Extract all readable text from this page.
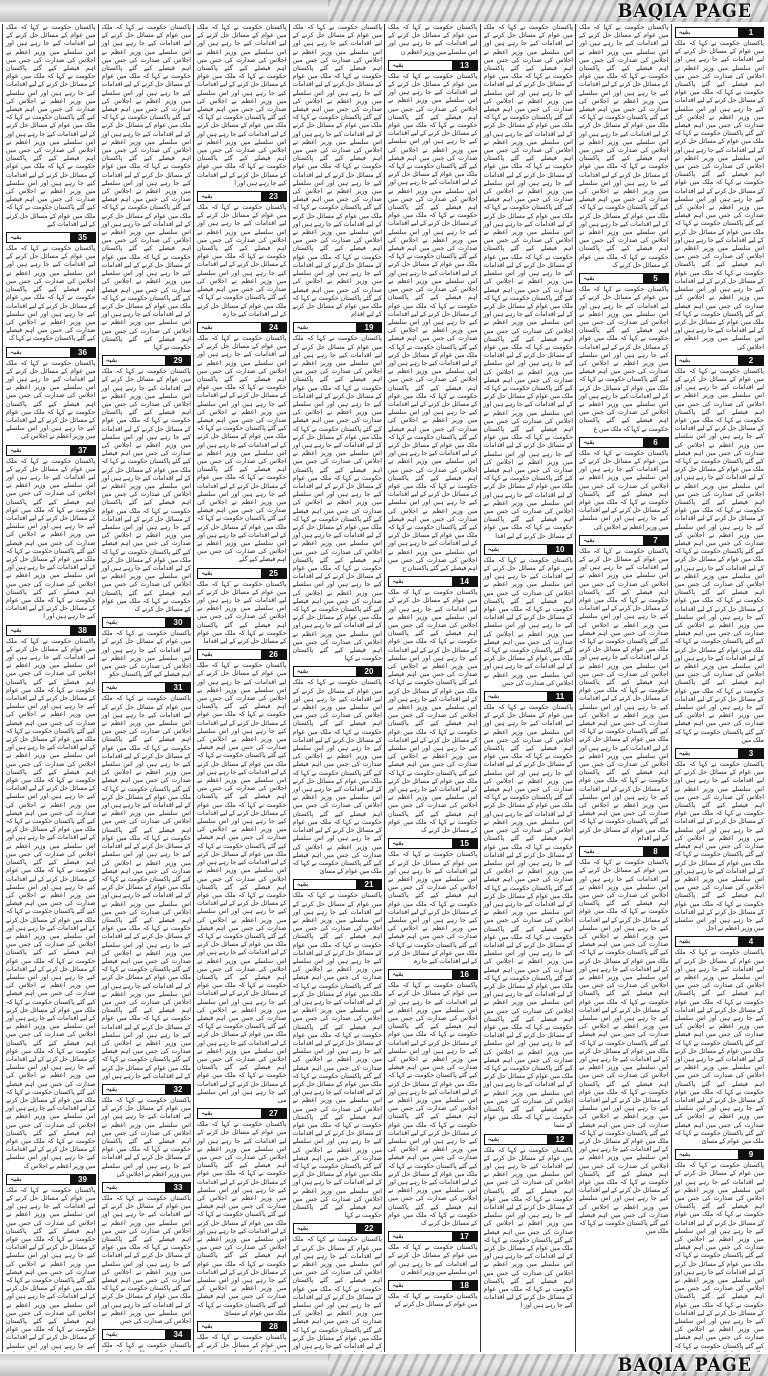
BAQIA PAGE
1
بقیہ
پاکستان حکومت نے کہا کہ ملک میں عوام کے مسائل حل کرنے کے لیے اقدامات کیے جا رہے ہیں اور اس سلسلے میں وزیر اعظم نے اجلاس کی صدارت کی جس میں اہم فیصلے کیے گئے پاکستان حکومت نے کہا کہ ملک میں عوام کے مسائل حل کرنے کے لیے اقدامات کیے جا رہے ہیں اور اس سلسلے میں وزیر اعظم نے اجلاس کی صدارت کی جس میں اہم فیصلے کیے گئے پاکستان حکومت نے کہا کہ ملک میں عوام کے مسائل حل کرنے کے لیے اقدامات کیے جا رہے ہیں اور اس سلسلے میں وزیر اعظم نے اجلاس کی صدارت کی جس میں اہم فیصلے کیے گئے پاکستان حکومت نے کہا کہ ملک میں عوام کے مسائل حل کرنے کے لیے اقدامات کیے جا رہے ہیں اور اس سلسلے میں وزیر اعظم نے اجلاس کی صدارت کی جس میں اہم فیصلے کیے گئے پاکستان حکومت نے کہا کہ ملک میں عوام کے مسائل حل کرنے کے لیے اقدامات کیے جا رہے ہیں اور اس سلسلے میں وزیر اعظم نے اجلاس کی صدارت کی جس میں اہم فیصلے کیے گئے پاکستان حکومت نے کہا کہ ملک میں عوام کے مسائل حل کرنے کے لیے اقدامات کیے جا رہے ہیں اور اس سلسلے میں وزیر اعظم نے اجلاس کی صدارت کی جس میں اہم فیصلے کیے گئے پاکستان حکومت نے کہا کہ ملک میں عوام کے مسائل حل کرنے کے لیے اقدامات کیے جا رہے ہیں اور اس سلسلے میں وزیر اعظم نے اجلاس کی
2
بقیہ
پاکستان حکومت نے کہا کہ ملک میں عوام کے مسائل حل کرنے کے لیے اقدامات کیے جا رہے ہیں اور اس سلسلے میں وزیر اعظم نے اجلاس کی صدارت کی جس میں اہم فیصلے کیے گئے پاکستان حکومت نے کہا کہ ملک میں عوام کے مسائل حل کرنے کے لیے اقدامات کیے جا رہے ہیں اور اس سلسلے میں وزیر اعظم نے اجلاس کی صدارت کی جس میں اہم فیصلے کیے گئے پاکستان حکومت نے کہا کہ ملک میں عوام کے مسائل حل کرنے کے لیے اقدامات کیے جا رہے ہیں اور اس سلسلے میں وزیر اعظم نے اجلاس کی صدارت کی جس میں اہم فیصلے کیے گئے پاکستان حکومت نے کہا کہ ملک میں عوام کے مسائل حل کرنے کے لیے اقدامات کیے جا رہے ہیں اور اس سلسلے میں وزیر اعظم نے اجلاس کی صدارت کی جس میں اہم فیصلے کیے گئے پاکستان حکومت نے کہا کہ ملک میں عوام کے مسائل حل کرنے کے لیے اقدامات کیے جا رہے ہیں اور اس سلسلے میں وزیر اعظم نے اجلاس کی صدارت کی جس میں اہم فیصلے کیے گئے پاکستان حکومت نے کہا کہ ملک میں عوام کے مسائل حل کرنے کے لیے اقدامات کیے جا رہے ہیں اور اس سلسلے میں وزیر اعظم نے اجلاس کی صدارت کی جس میں اہم فیصلے کیے گئے پاکستان حکومت نے کہا کہ ملک میں عوام کے مسائل حل کرنے کے لیے اقدامات کیے جا رہے ہیں اور اس سلسلے میں وزیر اعظم نے اجلاس کی صدارت کی جس میں اہم فیصلے کیے گئے پاکستان حکومت نے کہا کہ ملک میں عوام کے مسائل حل کرنے کے لیے اقدامات کیے جا رہے ہیں اور اس سلسلے میں وزیر اعظم نے اجلاس کی صدارت کی جس میں اہم فیصلے کیے گئے پاکستان حکومت نے کہا کہ ملک میں
3
بقیہ
پاکستان حکومت نے کہا کہ ملک میں عوام کے مسائل حل کرنے کے لیے اقدامات کیے جا رہے ہیں اور اس سلسلے میں وزیر اعظم نے اجلاس کی صدارت کی جس میں اہم فیصلے کیے گئے پاکستان حکومت نے کہا کہ ملک میں عوام کے مسائل حل کرنے کے لیے اقدامات کیے جا رہے ہیں اور اس سلسلے میں وزیر اعظم نے اجلاس کی صدارت کی جس میں اہم فیصلے کیے گئے پاکستان حکومت نے کہا کہ ملک میں عوام کے مسائل حل کرنے کے لیے اقدامات کیے جا رہے ہیں اور اس سلسلے میں وزیر اعظم نے اجلاس کی صدارت کی جس میں اہم فیصلے کیے گئے پاکستان حکومت نے کہا کہ ملک میں عوام کے مسائل حل کرنے کے لیے اقدامات کیے جا رہے ہیں اور اس سلسلے میں وزیر اعظم نے اجل
4
بقیہ
پاکستان حکومت نے کہا کہ ملک میں عوام کے مسائل حل کرنے کے لیے اقدامات کیے جا رہے ہیں اور اس سلسلے میں وزیر اعظم نے اجلاس کی صدارت کی جس میں اہم فیصلے کیے گئے پاکستان حکومت نے کہا کہ ملک میں عوام کے مسائل حل کرنے کے لیے اقدامات کیے جا رہے ہیں اور اس سلسلے میں وزیر اعظم نے اجلاس کی صدارت کی جس میں اہم فیصلے کیے گئے پاکستان حکومت نے کہا کہ ملک میں عوام کے مسائل حل کرنے کے لیے اقدامات کیے جا رہے ہیں اور اس سلسلے میں وزیر اعظم نے اجلاس کی صدارت کی جس میں اہم فیصلے کیے گئے پاکستان حکومت نے کہا کہ ملک میں عوام کے مسائل حل کرنے کے لیے اقدامات کیے جا رہے ہیں اور اس سلسلے میں وزیر اعظم نے اجلاس کی صدارت کی جس میں اہم فیصلے کیے گئے پاکستان حکومت نے کہا کہ ملک میں عوام کے مسائ
9
بقیہ
پاکستان حکومت نے کہا کہ ملک میں عوام کے مسائل حل کرنے کے لیے اقدامات کیے جا رہے ہیں اور اس سلسلے میں وزیر اعظم نے اجلاس کی صدارت کی جس میں اہم فیصلے کیے گئے پاکستان حکومت نے کہا کہ ملک میں عوام کے مسائل حل کرنے کے لیے اقدامات کیے جا رہے ہیں اور اس سلسلے میں وزیر اعظم نے اجلاس کی صدارت کی جس میں اہم فیصلے کیے گئے پاکستان حکومت نے کہا کہ ملک میں عوام کے مسائل حل کرنے کے لیے اقدامات کیے جا رہے ہیں اور اس سلسلے میں وزیر اعظم نے اجلاس کی صدارت کی جس میں اہم فیصلے کیے گئے پاکستان حکومت نے کہا کہ ملک میں عوام کے مسائل حل کرنے کے لیے اقدامات کیے جا رہے ہیں اور اس سلسلے میں وزیر اعظم نے اجلاس کی صدارت کی جس میں اہم فیصلے کیے گئے پاکستان حکومت نے کہا کہ
پاکستان حکومت نے کہا کہ ملک میں عوام کے مسائل حل کرنے کے لیے اقدامات کیے جا رہے ہیں اور اس سلسلے میں وزیر اعظم نے اجلاس کی صدارت کی جس میں اہم فیصلے کیے گئے پاکستان حکومت نے کہا کہ ملک میں عوام کے مسائل حل کرنے کے لیے اقدامات کیے جا رہے ہیں اور اس سلسلے میں وزیر اعظم نے اجلاس کی صدارت کی جس میں اہم فیصلے کیے گئے پاکستان حکومت نے کہا کہ ملک میں عوام کے مسائل حل کرنے کے لیے اقدامات کیے جا رہے ہیں اور اس سلسلے میں وزیر اعظم نے اجلاس کی صدارت کی جس میں اہم فیصلے کیے گئے پاکستان حکومت نے کہا کہ ملک میں عوام کے مسائل حل کرنے کے لیے اقدامات کیے جا رہے ہیں اور اس سلسلے میں وزیر اعظم نے اجلاس کی صدارت کی جس میں اہم فیصلے کیے گئے پاکستان حکومت نے کہا کہ ملک میں عوام کے مسائل حل کرنے کے لیے اقدامات کیے جا رہے ہیں اور اس سلسلے میں وزیر اعظم نے اجلاس کی صدارت کی جس میں اہم فیصلے کیے گئے پاکستان حکومت نے کہا کہ ملک میں عوام کے مسائل حل کرنے ک
5
بقیہ
پاکستان حکومت نے کہا کہ ملک میں عوام کے مسائل حل کرنے کے لیے اقدامات کیے جا رہے ہیں اور اس سلسلے میں وزیر اعظم نے اجلاس کی صدارت کی جس میں اہم فیصلے کیے گئے پاکستان حکومت نے کہا کہ ملک میں عوام کے مسائل حل کرنے کے لیے اقدامات کیے جا رہے ہیں اور اس سلسلے میں وزیر اعظم نے اجلاس کی صدارت کی جس میں اہم فیصلے کیے گئے پاکستان حکومت نے کہا کہ ملک میں عوام کے مسائل حل کرنے کے لیے اقدامات کیے جا رہے ہیں اور اس سلسلے میں وزیر اعظم نے اجلاس کی صدارت کی جس میں اہم فیصلے کیے گئے پاکستان حکومت نے کہا کہ ملک میں ع
6
بقیہ
پاکستان حکومت نے کہا کہ ملک میں عوام کے مسائل حل کرنے کے لیے اقدامات کیے جا رہے ہیں اور اس سلسلے میں وزیر اعظم نے اجلاس کی صدارت کی جس میں اہم فیصلے کیے گئے پاکستان حکومت نے کہا کہ ملک میں عوام کے مسائل حل کرنے کے لیے اقدامات کیے جا رہے ہیں اور اس سلسلے میں وزیر اعظم نے اجلاس کی
7
بقیہ
پاکستان حکومت نے کہا کہ ملک میں عوام کے مسائل حل کرنے کے لیے اقدامات کیے جا رہے ہیں اور اس سلسلے میں وزیر اعظم نے اجلاس کی صدارت کی جس میں اہم فیصلے کیے گئے پاکستان حکومت نے کہا کہ ملک میں عوام کے مسائل حل کرنے کے لیے اقدامات کیے جا رہے ہیں اور اس سلسلے میں وزیر اعظم نے اجلاس کی صدارت کی جس میں اہم فیصلے کیے گئے پاکستان حکومت نے کہا کہ ملک میں عوام کے مسائل حل کرنے کے لیے اقدامات کیے جا رہے ہیں اور اس سلسلے میں وزیر اعظم نے اجلاس کی صدارت کی جس میں اہم فیصلے کیے گئے پاکستان حکومت نے کہا کہ ملک میں عوام کے مسائل حل کرنے کے لیے اقدامات کیے جا رہے ہیں اور اس سلسلے میں وزیر اعظم نے اجلاس کی صدارت کی جس میں اہم فیصلے کیے گئے پاکستان حکومت نے کہا کہ ملک میں عوام کے مسائل حل کرنے کے لیے اقدامات کیے جا رہے ہیں اور اس سلسلے میں وزیر اعظم نے اجلاس کی صدارت کی جس میں اہم فیصلے کیے گئے پاکستان حکومت نے کہا کہ ملک میں عوام کے مسائل حل کرنے کے لیے اقدامات کیے جا رہے ہیں اور اس سلسلے میں وزیر اعظم نے اجلاس کی صدارت کی جس میں اہم فیصلے کیے گئے پاکستان حکومت نے کہا کہ ملک میں عوام کے مسائل حل کرنے کے لیے اقدام
8
بقیہ
پاکستان حکومت نے کہا کہ ملک میں عوام کے مسائل حل کرنے کے لیے اقدامات کیے جا رہے ہیں اور اس سلسلے میں وزیر اعظم نے اجلاس کی صدارت کی جس میں اہم فیصلے کیے گئے پاکستان حکومت نے کہا کہ ملک میں عوام کے مسائل حل کرنے کے لیے اقدامات کیے جا رہے ہیں اور اس سلسلے میں وزیر اعظم نے اجلاس کی صدارت کی جس میں اہم فیصلے کیے گئے پاکستان حکومت نے کہا کہ ملک میں عوام کے مسائل حل کرنے کے لیے اقدامات کیے جا رہے ہیں اور اس سلسلے میں وزیر اعظم نے اجلاس کی صدارت کی جس میں اہم فیصلے کیے گئے پاکستان حکومت نے کہا کہ ملک میں عوام کے مسائل حل کرنے کے لیے اقدامات کیے جا رہے ہیں اور اس سلسلے میں وزیر اعظم نے اجلاس کی صدارت کی جس میں اہم فیصلے کیے گئے پاکستان حکومت نے کہا کہ ملک میں عوام کے مسائل حل کرنے کے لیے اقدامات کیے جا رہے ہیں اور اس سلسلے میں وزیر اعظم نے اجلاس کی صدارت کی جس میں اہم فیصلے کیے گئے پاکستان حکومت نے کہا کہ ملک میں عوام کے مسائل حل کرنے کے لیے اقدامات کیے جا رہے ہیں اور اس سلسلے میں وزیر اعظم نے اجلاس کی صدارت کی جس میں اہم فیصلے کیے گئے پاکستان حکومت نے کہا کہ ملک میں عوام کے مسائل حل کرنے کے لیے اقدامات کیے جا رہے ہیں اور اس سلسلے میں وزیر اعظم نے اجلاس کی صدارت کی جس میں اہم فیصلے کیے گئے پاکستان حکومت نے کہا کہ ملک میں عوام کے مسائل حل کرنے کے لیے اقدامات کیے جا رہے ہیں اور اس سلسلے میں وزیر اعظم نے اجلاس کی صدارت کی جس میں اہم فیصلے کیے گئے پاکستان حکومت نے کہا کہ ملک میں
پاکستان حکومت نے کہا کہ ملک میں عوام کے مسائل حل کرنے کے لیے اقدامات کیے جا رہے ہیں اور اس سلسلے میں وزیر اعظم نے اجلاس کی صدارت کی جس میں اہم فیصلے کیے گئے پاکستان حکومت نے کہا کہ ملک میں عوام کے مسائل حل کرنے کے لیے اقدامات کیے جا رہے ہیں اور اس سلسلے میں وزیر اعظم نے اجلاس کی صدارت کی جس میں اہم فیصلے کیے گئے پاکستان حکومت نے کہا کہ ملک میں عوام کے مسائل حل کرنے کے لیے اقدامات کیے جا رہے ہیں اور اس سلسلے میں وزیر اعظم نے اجلاس کی صدارت کی جس میں اہم فیصلے کیے گئے پاکستان حکومت نے کہا کہ ملک میں عوام کے مسائل حل کرنے کے لیے اقدامات کیے جا رہے ہیں اور اس سلسلے میں وزیر اعظم نے اجلاس کی صدارت کی جس میں اہم فیصلے کیے گئے پاکستان حکومت نے کہا کہ ملک میں عوام کے مسائل حل کرنے کے لیے اقدامات کیے جا رہے ہیں اور اس سلسلے میں وزیر اعظم نے اجلاس کی صدارت کی جس میں اہم فیصلے کیے گئے پاکستان حکومت نے کہا کہ ملک میں عوام کے مسائل حل کرنے کے لیے اقدامات کیے جا رہے ہیں اور اس سلسلے میں وزیر اعظم نے اجلاس کی صدارت کی جس میں اہم فیصلے کیے گئے پاکستان حکومت نے کہا کہ ملک میں عوام کے مسائل حل کرنے کے لیے اقدامات کیے جا رہے ہیں اور اس سلسلے میں وزیر اعظم نے اجلاس کی صدارت کی جس میں اہم فیصلے کیے گئے پاکستان حکومت نے کہا کہ ملک میں عوام کے مسائل حل کرنے کے لیے اقدامات کیے جا رہے ہیں اور اس سلسلے میں وزیر اعظم نے اجلاس کی صدارت کی جس میں اہم فیصلے کیے گئے پاکستان حکومت نے کہا کہ ملک میں عوام کے مسائل حل کرنے کے لیے اقدامات کیے جا رہے ہیں اور اس سلسلے میں وزیر اعظم نے اجلاس کی صدارت کی جس میں اہم فیصلے کیے گئے پاکستان حکومت نے کہا کہ ملک میں عوام کے مسائل حل کرنے کے لیے اقدامات کیے جا رہے ہیں اور اس سلسلے میں وزیر اعظم نے اجلاس کی صدارت کی جس میں اہم فیصلے کیے گئے پاکستان حکومت نے کہا کہ ملک میں عوام کے مسائل حل کرنے کے لیے اقدامات کیے جا رہے ہیں اور اس سلسلے میں وزیر اعظم نے اجلاس کی صدارت کی جس میں اہم فیصلے کیے گئے پاکستان حکومت نے کہا کہ ملک میں عوام کے مسائل حل کرنے کے لیے اقدا
10
بقیہ
پاکستان حکومت نے کہا کہ ملک میں عوام کے مسائل حل کرنے کے لیے اقدامات کیے جا رہے ہیں اور اس سلسلے میں وزیر اعظم نے اجلاس کی صدارت کی جس میں اہم فیصلے کیے گئے پاکستان حکومت نے کہا کہ ملک میں عوام کے مسائل حل کرنے کے لیے اقدامات کیے جا رہے ہیں اور اس سلسلے میں وزیر اعظم نے اجلاس کی صدارت کی جس میں اہم فیصلے کیے گئے پاکستان حکومت نے کہا کہ ملک میں عوام کے مسائل حل کرنے کے لیے اقدامات کیے جا رہے ہیں اور اس سلسلے میں وزیر اعظم نے اجلاس کی صدارت کی جس
11
بقیہ
پاکستان حکومت نے کہا کہ ملک میں عوام کے مسائل حل کرنے کے لیے اقدامات کیے جا رہے ہیں اور اس سلسلے میں وزیر اعظم نے اجلاس کی صدارت کی جس میں اہم فیصلے کیے گئے پاکستان حکومت نے کہا کہ ملک میں عوام کے مسائل حل کرنے کے لیے اقدامات کیے جا رہے ہیں اور اس سلسلے میں وزیر اعظم نے اجلاس کی صدارت کی جس میں اہم فیصلے کیے گئے پاکستان حکومت نے کہا کہ ملک میں عوام کے مسائل حل کرنے کے لیے اقدامات کیے جا رہے ہیں اور اس سلسلے میں وزیر اعظم نے اجلاس کی صدارت کی جس میں اہم فیصلے کیے گئے پاکستان حکومت نے کہا کہ ملک میں عوام کے مسائل حل کرنے کے لیے اقدامات کیے جا رہے ہیں اور اس سلسلے میں وزیر اعظم نے اجلاس کی صدارت کی جس میں اہم فیصلے کیے گئے پاکستان حکومت نے کہا کہ ملک میں عوام کے مسائل حل کرنے کے لیے اقدامات کیے جا رہے ہیں اور اس سلسلے میں وزیر اعظم نے اجلاس کی صدارت کی جس میں اہم فیصلے کیے گئے پاکستان حکومت نے کہا کہ ملک میں عوام کے مسائل حل کرنے کے لیے اقدامات کیے جا رہے ہیں اور اس سلسلے میں وزیر اعظم نے اجلاس کی صدارت کی جس میں اہم فیصلے کیے گئے پاکستان حکومت نے کہا کہ ملک میں عوام کے مسائل حل کرنے کے لیے اقدامات کیے جا رہے ہیں اور اس سلسلے میں وزیر اعظم نے اجلاس کی صدارت کی جس میں اہم فیصلے کیے گئے پاکستان حکومت نے کہا کہ ملک میں عوام کے مسائل حل کرنے کے لیے اقدامات کیے جا رہے ہیں اور اس سلسلے میں وزیر اعظم نے اجلاس کی صدارت کی جس میں اہم فیصلے کیے گئے پاکستان حکومت نے کہا کہ ملک میں عوام کے مسائل حل کرنے کے لیے اقدامات کیے جا رہے ہیں اور اس سلسلے میں وزیر اعظم نے اجلاس کی صدارت کی جس میں اہم فیصلے کیے گئے پاکستان حکومت نے کہا کہ ملک میں عوام کے مسا
12
بقیہ
پاکستان حکومت نے کہا کہ ملک میں عوام کے مسائل حل کرنے کے لیے اقدامات کیے جا رہے ہیں اور اس سلسلے میں وزیر اعظم نے اجلاس کی صدارت کی جس میں اہم فیصلے کیے گئے پاکستان حکومت نے کہا کہ ملک میں عوام کے مسائل حل کرنے کے لیے اقدامات کیے جا رہے ہیں اور اس سلسلے میں وزیر اعظم نے اجلاس کی صدارت کی جس میں اہم فیصلے کیے گئے پاکستان حکومت نے کہا کہ ملک میں عوام کے مسائل حل کرنے کے لیے اقدامات کیے جا رہے ہیں اور اس سلسلے میں وزیر اعظم نے اجلاس کی صدارت کی جس میں اہم فیصلے کیے گئے پاکستان حکومت نے کہا کہ ملک میں عوام کے مسائل حل کرنے کے لیے اقدامات کیے جا رہے ہیں اور ا
پاکستان حکومت نے کہا کہ ملک میں عوام کے مسائل حل کرنے کے لیے اقدامات کیے جا رہے ہیں اور اس سلسلے میں وزیر اعظم ن
13
بقیہ
پاکستان حکومت نے کہا کہ ملک میں عوام کے مسائل حل کرنے کے لیے اقدامات کیے جا رہے ہیں اور اس سلسلے میں وزیر اعظم نے اجلاس کی صدارت کی جس میں اہم فیصلے کیے گئے پاکستان حکومت نے کہا کہ ملک میں عوام کے مسائل حل کرنے کے لیے اقدامات کیے جا رہے ہیں اور اس سلسلے میں وزیر اعظم نے اجلاس کی صدارت کی جس میں اہم فیصلے کیے گئے پاکستان حکومت نے کہا کہ ملک میں عوام کے مسائل حل کرنے کے لیے اقدامات کیے جا رہے ہیں اور اس سلسلے میں وزیر اعظم نے اجلاس کی صدارت کی جس میں اہم فیصلے کیے گئے پاکستان حکومت نے کہا کہ ملک میں عوام کے مسائل حل کرنے کے لیے اقدامات کیے جا رہے ہیں اور اس سلسلے میں وزیر اعظم نے اجلاس کی صدارت کی جس میں اہم فیصلے کیے گئے پاکستان حکومت نے کہا کہ ملک میں عوام کے مسائل حل کرنے کے لیے اقدامات کیے جا رہے ہیں اور اس سلسلے میں وزیر اعظم نے اجلاس کی صدارت کی جس میں اہم فیصلے کیے گئے پاکستان حکومت نے کہا کہ ملک میں عوام کے مسائل حل کرنے کے لیے اقدامات کیے جا رہے ہیں اور اس سلسلے میں وزیر اعظم نے اجلاس کی صدارت کی جس میں اہم فیصلے کیے گئے پاکستان حکومت نے کہا کہ ملک میں عوام کے مسائل حل کرنے کے لیے اقدامات کیے جا رہے ہیں اور اس سلسلے میں وزیر اعظم نے اجلاس کی صدارت کی جس میں اہم فیصلے کیے گئے پاکستان حکومت نے کہا کہ ملک میں عوام کے مسائل حل کرنے کے لیے اقدامات کیے جا رہے ہیں اور اس سلسلے میں وزیر اعظم نے اجلاس کی صدارت کی جس میں اہم فیصلے کیے گئے پاکستان حکومت نے کہا کہ ملک میں عوام کے مسائل حل کرنے کے لیے اقدامات کیے جا رہے ہیں اور اس سلسلے میں وزیر اعظم نے اجلاس کی صدارت کی جس میں اہم فیصلے کیے گئے پاکستان حکومت نے کہا کہ ملک میں عوام کے مسائل حل کرنے کے لیے اقدامات کیے جا رہے ہیں اور اس سلسلے میں وزیر اعظم نے اجلاس کی صدارت کی جس میں اہم فیصلے کیے گئے پاکستان حکومت نے کہا کہ ملک میں عوام کے مسائل حل کرنے کے لیے اقدامات کیے جا رہے ہیں اور اس سلسلے میں وزیر اعظم نے اجلاس کی صدارت کی جس میں اہم فیصلے کیے گئے پاکستان ح
14
بقیہ
پاکستان حکومت نے کہا کہ ملک میں عوام کے مسائل حل کرنے کے لیے اقدامات کیے جا رہے ہیں اور اس سلسلے میں وزیر اعظم نے اجلاس کی صدارت کی جس میں اہم فیصلے کیے گئے پاکستان حکومت نے کہا کہ ملک میں عوام کے مسائل حل کرنے کے لیے اقدامات کیے جا رہے ہیں اور اس سلسلے میں وزیر اعظم نے اجلاس کی صدارت کی جس میں اہم فیصلے کیے گئے پاکستان حکومت نے کہا کہ ملک میں عوام کے مسائل حل کرنے کے لیے اقدامات کیے جا رہے ہیں اور اس سلسلے میں وزیر اعظم نے اجلاس کی صدارت کی جس میں اہم فیصلے کیے گئے پاکستان حکومت نے کہا کہ ملک میں عوام کے مسائل حل کرنے کے لیے اقدامات کیے جا رہے ہیں اور اس سلسلے میں وزیر اعظم نے اجلاس کی صدارت کی جس میں اہم فیصلے کیے گئے پاکستان حکومت نے کہا کہ ملک میں عوام کے مسائل حل کرنے کے لیے اقدامات کیے جا رہے ہیں اور اس سلسلے میں وزیر اعظم نے اجلاس کی صدارت کی جس میں اہم فیصلے کیے گئے پاکستان حکومت نے کہا کہ ملک میں عوام کے مسائل حل کرنے ک
15
بقیہ
پاکستان حکومت نے کہا کہ ملک میں عوام کے مسائل حل کرنے کے لیے اقدامات کیے جا رہے ہیں اور اس سلسلے میں وزیر اعظم نے اجلاس کی صدارت کی جس میں اہم فیصلے کیے گئے پاکستان حکومت نے کہا کہ ملک میں عوام کے مسائل حل کرنے کے لیے اقدامات کیے جا رہے ہیں اور اس سلسلے میں وزیر اعظم نے اجلاس کی صدارت کی جس میں اہم فیصلے کیے گئے پاکستان حکومت نے کہا کہ ملک میں عوام کے مسائل حل کرنے کے لیے اقدامات کیے جا رہ
16
بقیہ
پاکستان حکومت نے کہا کہ ملک میں عوام کے مسائل حل کرنے کے لیے اقدامات کیے جا رہے ہیں اور اس سلسلے میں وزیر اعظم نے اجلاس کی صدارت کی جس میں اہم فیصلے کیے گئے پاکستان حکومت نے کہا کہ ملک میں عوام کے مسائل حل کرنے کے لیے اقدامات کیے جا رہے ہیں اور اس سلسلے میں وزیر اعظم نے اجلاس کی صدارت کی جس میں اہم فیصلے کیے گئے پاکستان حکومت نے کہا کہ ملک میں عوام کے مسائل حل کرنے کے لیے اقدامات کیے جا رہے ہیں اور اس سلسلے میں وزیر اعظم نے اجلاس کی صدارت کی جس میں اہم فیصلے کیے گئے پاکستان حکومت نے کہا کہ ملک میں عوام کے مسائل حل کرنے کے لیے اقدامات کیے جا رہے ہیں اور اس سلسلے میں وزیر اعظم نے اجلاس کی صدارت کی جس میں اہم فیصلے کیے گئے پاکستان حکومت نے کہا کہ ملک میں عوام کے مسائل حل کرنے کے لیے اقدامات کیے جا رہے ہیں اور اس سلسلے میں وزیر اعظم نے اجلاس کی صدارت کی جس میں اہم فیصلے کیے گئے پاکستان حکومت نے کہا کہ ملک میں عوام کے مسائل حل کرنے ک
17
بقیہ
پاکستان حکومت نے کہا کہ ملک میں عوام کے مسائل حل کرنے کے لیے اقدامات کیے جا رہے ہیں اور اس سلسلے میں وزیر اعظم ن
18
بقیہ
پاکستان حکومت نے کہا کہ ملک میں عوام کے مسائل حل کرنے کے
پاکستان حکومت نے کہا کہ ملک میں عوام کے مسائل حل کرنے کے لیے اقدامات کیے جا رہے ہیں اور اس سلسلے میں وزیر اعظم نے اجلاس کی صدارت کی جس میں اہم فیصلے کیے گئے پاکستان حکومت نے کہا کہ ملک میں عوام کے مسائل حل کرنے کے لیے اقدامات کیے جا رہے ہیں اور اس سلسلے میں وزیر اعظم نے اجلاس کی صدارت کی جس میں اہم فیصلے کیے گئے پاکستان حکومت نے کہا کہ ملک میں عوام کے مسائل حل کرنے کے لیے اقدامات کیے جا رہے ہیں اور اس سلسلے میں وزیر اعظم نے اجلاس کی صدارت کی جس میں اہم فیصلے کیے گئے پاکستان حکومت نے کہا کہ ملک میں عوام کے مسائل حل کرنے کے لیے اقدامات کیے جا رہے ہیں اور اس سلسلے میں وزیر اعظم نے اجلاس کی صدارت کی جس میں اہم فیصلے کیے گئے پاکستان حکومت نے کہا کہ ملک میں عوام کے مسائل حل کرنے کے لیے اقدامات کیے جا رہے ہیں اور اس سلسلے میں وزیر اعظم نے اجلاس کی صدارت کی جس میں اہم فیصلے کیے گئے پاکستان حکومت نے کہا کہ ملک میں عوام کے مسائل حل کرنے کے لیے اقدامات کیے جا رہے ہیں اور اس سلسلے میں وزیر اعظم نے اجلاس کی صدارت کی جس میں اہم فیصلے کیے گئے پاکستان حکومت نے کہا کہ ملک میں عوام کے مسائل حل کرنے کے لیے اقدام
19
بقیہ
پاکستان حکومت نے کہا کہ ملک میں عوام کے مسائل حل کرنے کے لیے اقدامات کیے جا رہے ہیں اور اس سلسلے میں وزیر اعظم نے اجلاس کی صدارت کی جس میں اہم فیصلے کیے گئے پاکستان حکومت نے کہا کہ ملک میں عوام کے مسائل حل کرنے کے لیے اقدامات کیے جا رہے ہیں اور اس سلسلے میں وزیر اعظم نے اجلاس کی صدارت کی جس میں اہم فیصلے کیے گئے پاکستان حکومت نے کہا کہ ملک میں عوام کے مسائل حل کرنے کے لیے اقدامات کیے جا رہے ہیں اور اس سلسلے میں وزیر اعظم نے اجلاس کی صدارت کی جس میں اہم فیصلے کیے گئے پاکستان حکومت نے کہا کہ ملک میں عوام کے مسائل حل کرنے کے لیے اقدامات کیے جا رہے ہیں اور اس سلسلے میں وزیر اعظم نے اجلاس کی صدارت کی جس میں اہم فیصلے کیے گئے پاکستان حکومت نے کہا کہ ملک میں عوام کے مسائل حل کرنے کے لیے اقدامات کیے جا رہے ہیں اور اس سلسلے میں وزیر اعظم نے اجلاس کی صدارت کی جس میں اہم فیصلے کیے گئے پاکستان حکومت نے کہا کہ ملک میں عوام کے مسائل حل کرنے کے لیے اقدامات کیے جا رہے ہیں اور اس سلسلے میں وزیر اعظم نے اجلاس کی صدارت کی جس میں اہم فیصلے کیے گئے پاکستان حکومت نے کہا کہ ملک میں عوام کے مسائل حل کرنے کے لیے اقدامات کیے جا رہے ہیں اور اس سلسلے میں وزیر اعظم نے اجلاس کی صدارت کی جس میں اہم فیصلے کیے گئے پاکستان حکومت نے کہا
20
بقیہ
پاکستان حکومت نے کہا کہ ملک میں عوام کے مسائل حل کرنے کے لیے اقدامات کیے جا رہے ہیں اور اس سلسلے میں وزیر اعظم نے اجلاس کی صدارت کی جس میں اہم فیصلے کیے گئے پاکستان حکومت نے کہا کہ ملک میں عوام کے مسائل حل کرنے کے لیے اقدامات کیے جا رہے ہیں اور اس سلسلے میں وزیر اعظم نے اجلاس کی صدارت کی جس میں اہم فیصلے کیے گئے پاکستان حکومت نے کہا کہ ملک میں عوام کے مسائل حل کرنے کے لیے اقدامات کیے جا رہے ہیں اور اس سلسلے میں وزیر اعظم نے اجلاس کی صدارت کی جس میں اہم فیصلے کیے گئے پاکستان حکومت نے کہا کہ ملک میں عوام کے مسائل حل کرنے کے لیے اقدامات کیے جا رہے ہیں اور اس سلسلے میں وزیر اعظم نے اجلاس کی صدارت کی جس میں اہم فیصلے کیے گئے پاکستان حکومت نے کہا کہ ملک میں عوام کے مسائ
21
بقیہ
پاکستان حکومت نے کہا کہ ملک میں عوام کے مسائل حل کرنے کے لیے اقدامات کیے جا رہے ہیں اور اس سلسلے میں وزیر اعظم نے اجلاس کی صدارت کی جس میں اہم فیصلے کیے گئے پاکستان حکومت نے کہا کہ ملک میں عوام کے مسائل حل کرنے کے لیے اقدامات کیے جا رہے ہیں اور اس سلسلے میں وزیر اعظم نے اجلاس کی صدارت کی جس میں اہم فیصلے کیے گئے پاکستان حکومت نے کہا کہ ملک میں عوام کے مسائل حل کرنے کے لیے اقدامات کیے جا رہے ہیں اور اس سلسلے میں وزیر اعظم نے اجلاس کی صدارت کی جس میں اہم فیصلے کیے گئے پاکستان حکومت نے کہا کہ ملک میں عوام کے مسائل حل کرنے کے لیے اقدامات کیے جا رہے ہیں اور اس سلسلے میں وزیر اعظم نے اجلاس کی صدارت کی جس میں اہم فیصلے کیے گئے پاکستان حکومت نے کہا کہ ملک میں عوام کے مسائل حل کرنے کے لیے اقدامات کیے جا رہے ہیں اور اس سلسلے میں وزیر اعظم نے اجلاس کی صدارت کی جس میں اہم فیصلے کیے گئے پاکستان حکومت نے کہا کہ ملک میں عوام کے مسائل حل کرنے کے لیے اقدامات کیے جا رہے ہیں اور اس سلسلے میں وزیر اعظم نے اجلاس کی صدارت کی جس میں اہم فیصلے کیے گئے پاکستان حکومت نے کہا کہ ملک میں عوام کے مسائل حل کرنے کے لیے اقدامات کیے جا رہے ہیں اور اس سلسلے میں وزیر اعظم نے اجلاس کی صدارت کی جس میں اہم فیصلے کیے گئے پاکستان حکومت نے کہا
22
بقیہ
پاکستان حکومت نے کہا کہ ملک میں عوام کے مسائل حل کرنے کے لیے اقدامات کیے جا رہے ہیں اور اس سلسلے میں وزیر اعظم نے اجلاس کی صدارت کی جس میں اہم فیصلے کیے گئے پاکستان حکومت نے کہا کہ ملک میں عوام کے مسائل حل کرنے کے لیے اقدامات کیے جا رہے ہیں اور اس سلسلے میں وزیر اعظم نے اجلاس کی صدارت کی جس میں اہم فیصلے کیے گئے پاکستان حکومت نے کہا کہ ملک میں عوام کے مسائل حل کرنے کے لیے اقدامات کیے جا رہے ہیں اور
پاکستان حکومت نے کہا کہ ملک میں عوام کے مسائل حل کرنے کے لیے اقدامات کیے جا رہے ہیں اور اس سلسلے میں وزیر اعظم نے اجلاس کی صدارت کی جس میں اہم فیصلے کیے گئے پاکستان حکومت نے کہا کہ ملک میں عوام کے مسائل حل کرنے کے لیے اقدامات کیے جا رہے ہیں اور اس سلسلے میں وزیر اعظم نے اجلاس کی صدارت کی جس میں اہم فیصلے کیے گئے پاکستان حکومت نے کہا کہ ملک میں عوام کے مسائل حل کرنے کے لیے اقدامات کیے جا رہے ہیں اور اس سلسلے میں وزیر اعظم نے اجلاس کی صدارت کی جس میں اہم فیصلے کیے گئے پاکستان حکومت نے کہا کہ ملک میں عوام کے مسائل حل کرنے کے لیے اقدامات کیے جا رہے ہیں اور ا
23
بقیہ
پاکستان حکومت نے کہا کہ ملک میں عوام کے مسائل حل کرنے کے لیے اقدامات کیے جا رہے ہیں اور اس سلسلے میں وزیر اعظم نے اجلاس کی صدارت کی جس میں اہم فیصلے کیے گئے پاکستان حکومت نے کہا کہ ملک میں عوام کے مسائل حل کرنے کے لیے اقدامات کیے جا رہے ہیں اور اس سلسلے میں وزیر اعظم نے اجلاس کی صدارت کی جس میں اہم فیصلے کیے گئے پاکستان حکومت نے کہا کہ ملک میں عوام کے مسائل حل کرنے کے لیے اقدامات کیے جا رہ
24
بقیہ
پاکستان حکومت نے کہا کہ ملک میں عوام کے مسائل حل کرنے کے لیے اقدامات کیے جا رہے ہیں اور اس سلسلے میں وزیر اعظم نے اجلاس کی صدارت کی جس میں اہم فیصلے کیے گئے پاکستان حکومت نے کہا کہ ملک میں عوام کے مسائل حل کرنے کے لیے اقدامات کیے جا رہے ہیں اور اس سلسلے میں وزیر اعظم نے اجلاس کی صدارت کی جس میں اہم فیصلے کیے گئے پاکستان حکومت نے کہا کہ ملک میں عوام کے مسائل حل کرنے کے لیے اقدامات کیے جا رہے ہیں اور اس سلسلے میں وزیر اعظم نے اجلاس کی صدارت کی جس میں اہم فیصلے کیے گئے پاکستان حکومت نے کہا کہ ملک میں عوام کے مسائل حل کرنے کے لیے اقدامات کیے جا رہے ہیں اور اس سلسلے میں وزیر اعظم نے اجلاس کی صدارت کی جس میں اہم فیصلے کیے گئے پاکستان حکومت نے کہا کہ ملک میں عوام کے مسائل حل کرنے کے لیے اقدامات کیے جا رہے ہیں اور اس سلسلے میں وزیر اعظم نے اجلاس کی صدارت کی جس میں اہم فیصلے کیے گئے
25
بقیہ
پاکستان حکومت نے کہا کہ ملک میں عوام کے مسائل حل کرنے کے لیے اقدامات کیے جا رہے ہیں اور اس سلسلے میں وزیر اعظم نے اجلاس کی صدارت کی جس میں اہم فیصلے کیے گئے پاکستان حکومت نے کہا کہ ملک میں عوام کے مسائل حل کرنے کے لیے اقداما
26
بقیہ
پاکستان حکومت نے کہا کہ ملک میں عوام کے مسائل حل کرنے کے لیے اقدامات کیے جا رہے ہیں اور اس سلسلے میں وزیر اعظم نے اجلاس کی صدارت کی جس میں اہم فیصلے کیے گئے پاکستان حکومت نے کہا کہ ملک میں عوام کے مسائل حل کرنے کے لیے اقدامات کیے جا رہے ہیں اور اس سلسلے میں وزیر اعظم نے اجلاس کی صدارت کی جس میں اہم فیصلے کیے گئے پاکستان حکومت نے کہا کہ ملک میں عوام کے مسائل حل کرنے کے لیے اقدامات کیے جا رہے ہیں اور اس سلسلے میں وزیر اعظم نے اجلاس کی صدارت کی جس میں اہم فیصلے کیے گئے پاکستان حکومت نے کہا کہ ملک میں عوام کے مسائل حل کرنے کے لیے اقدامات کیے جا رہے ہیں اور اس سلسلے میں وزیر اعظم نے اجلاس کی صدارت کی جس میں اہم فیصلے کیے گئے پاکستان حکومت نے کہا کہ ملک میں عوام کے مسائل حل کرنے کے لیے اقدامات کیے جا رہے ہیں اور اس سلسلے میں وزیر اعظم نے اجلاس کی صدارت کی جس میں اہم فیصلے کیے گئے پاکستان حکومت نے کہا کہ ملک میں عوام کے مسائل حل کرنے کے لیے اقدامات کیے جا رہے ہیں اور اس سلسلے میں وزیر اعظم نے اجلاس کی صدارت کی جس میں اہم فیصلے کیے گئے پاکستان حکومت نے کہا کہ ملک میں عوام کے مسائل حل کرنے کے لیے اقدامات کیے جا رہے ہیں اور اس سلسلے میں وزیر اعظم نے اجلاس کی صدارت کی جس میں اہم فیصلے کیے گئے پاکستان حکومت نے کہا کہ ملک میں عوام کے مسائل حل کرنے کے لیے اقدامات کیے جا رہے ہیں اور اس سلسلے میں وزیر اعظم نے اجلاس کی صدارت کی جس میں اہم فیصلے کیے گئے پاکستان حکومت نے کہا کہ ملک میں عوام کے مسائل حل کرنے کے لیے اقدامات کیے جا رہے ہیں اور اس سلسلے میں وزیر اعظم نے اجلاس کی صدارت کی جس میں اہم فیصلے کیے گئے پاکستان حکومت نے کہا کہ ملک میں عوام کے مسائل حل کرنے کے لیے اقدامات کیے جا رہے ہیں اور اس سلسلے می
27
بقیہ
پاکستان حکومت نے کہا کہ ملک میں عوام کے مسائل حل کرنے کے لیے اقدامات کیے جا رہے ہیں اور اس سلسلے میں وزیر اعظم نے اجلاس کی صدارت کی جس میں اہم فیصلے کیے گئے پاکستان حکومت نے کہا کہ ملک میں عوام کے مسائل حل کرنے کے لیے اقدامات کیے جا رہے ہیں اور اس سلسلے میں وزیر اعظم نے اجلاس کی صدارت کی جس میں اہم فیصلے کیے گئے پاکستان حکومت نے کہا کہ ملک میں عوام کے مسائل حل کرنے کے لیے اقدامات کیے جا رہے ہیں اور اس سلسلے میں وزیر اعظم نے اجلاس کی صدارت کی جس میں اہم فیصلے کیے گئے پاکستان حکومت نے کہا کہ ملک میں عوام کے مسائل حل کرنے کے لیے اقدامات کیے جا رہے ہیں اور اس سلسلے میں وزیر اعظم نے اجلاس کی صدارت کی جس میں اہم فیصلے کیے گئے پاکستان حکومت نے کہا کہ ملک میں عوام کے مسائ
28
بقیہ
پاکستان حکومت نے کہا کہ ملک میں عوام کے مسائل حل کرنے کے
پاکستان حکومت نے کہا کہ ملک میں عوام کے مسائل حل کرنے کے لیے اقدامات کیے جا رہے ہیں اور اس سلسلے میں وزیر اعظم نے اجلاس کی صدارت کی جس میں اہم فیصلے کیے گئے پاکستان حکومت نے کہا کہ ملک میں عوام کے مسائل حل کرنے کے لیے اقدامات کیے جا رہے ہیں اور اس سلسلے میں وزیر اعظم نے اجلاس کی صدارت کی جس میں اہم فیصلے کیے گئے پاکستان حکومت نے کہا کہ ملک میں عوام کے مسائل حل کرنے کے لیے اقدامات کیے جا رہے ہیں اور اس سلسلے میں وزیر اعظم نے اجلاس کی صدارت کی جس میں اہم فیصلے کیے گئے پاکستان حکومت نے کہا کہ ملک میں عوام کے مسائل حل کرنے کے لیے اقدامات کیے جا رہے ہیں اور اس سلسلے میں وزیر اعظم نے اجلاس کی صدارت کی جس میں اہم فیصلے کیے گئے پاکستان حکومت نے کہا کہ ملک میں عوام کے مسائل حل کرنے کے لیے اقدامات کیے جا رہے ہیں اور اس سلسلے میں وزیر اعظم نے اجلاس کی صدارت کی جس میں اہم فیصلے کیے گئے پاکستان حکومت نے کہا کہ ملک میں عوام کے مسائل حل کرنے کے لیے اقدامات کیے جا رہے ہیں اور اس سلسلے میں وزیر اعظم نے اجلاس کی صدارت کی جس میں اہم فیصلے کیے گئے پاکستان حکومت نے کہا کہ ملک میں عوام کے مسائل حل کرنے کے لیے اقدامات کیے جا رہے ہیں اور اس سلسلے میں وزیر اعظم نے اجلاس کی صدارت کی جس میں اہم فیصلے کیے گئے پاکستان حکومت نے کہا
29
بقیہ
پاکستان حکومت نے کہا کہ ملک میں عوام کے مسائل حل کرنے کے لیے اقدامات کیے جا رہے ہیں اور اس سلسلے میں وزیر اعظم نے اجلاس کی صدارت کی جس میں اہم فیصلے کیے گئے پاکستان حکومت نے کہا کہ ملک میں عوام کے مسائل حل کرنے کے لیے اقدامات کیے جا رہے ہیں اور اس سلسلے میں وزیر اعظم نے اجلاس کی صدارت کی جس میں اہم فیصلے کیے گئے پاکستان حکومت نے کہا کہ ملک میں عوام کے مسائل حل کرنے کے لیے اقدامات کیے جا رہے ہیں اور اس سلسلے میں وزیر اعظم نے اجلاس کی صدارت کی جس میں اہم فیصلے کیے گئے پاکستان حکومت نے کہا کہ ملک میں عوام کے مسائل حل کرنے کے لیے اقدامات کیے جا رہے ہیں اور اس سلسلے میں وزیر اعظم نے اجلاس کی صدارت کی جس میں اہم فیصلے کیے گئے پاکستان حکومت نے کہا کہ ملک میں عوام کے مسائل حل کرنے کے لیے اقدامات کیے جا رہے ہیں اور اس سلسلے میں وزیر اعظم نے اجلاس کی صدارت کی جس میں اہم فیصلے کیے گئے پاکستان حکومت نے کہا کہ ملک میں عوام کے مسائل حل کرنے ک
30
بقیہ
پاکستان حکومت نے کہا کہ ملک میں عوام کے مسائل حل کرنے کے لیے اقدامات کیے جا رہے ہیں اور اس سلسلے میں وزیر اعظم نے اجلاس کی صدارت کی جس میں اہم فیصلے کیے گئے پاکستان حکو
31
بقیہ
پاکستان حکومت نے کہا کہ ملک میں عوام کے مسائل حل کرنے کے لیے اقدامات کیے جا رہے ہیں اور اس سلسلے میں وزیر اعظم نے اجلاس کی صدارت کی جس میں اہم فیصلے کیے گئے پاکستان حکومت نے کہا کہ ملک میں عوام کے مسائل حل کرنے کے لیے اقدامات کیے جا رہے ہیں اور اس سلسلے میں وزیر اعظم نے اجلاس کی صدارت کی جس میں اہم فیصلے کیے گئے پاکستان حکومت نے کہا کہ ملک میں عوام کے مسائل حل کرنے کے لیے اقدامات کیے جا رہے ہیں اور اس سلسلے میں وزیر اعظم نے اجلاس کی صدارت کی جس میں اہم فیصلے کیے گئے پاکستان حکومت نے کہا کہ ملک میں عوام کے مسائل حل کرنے کے لیے اقدامات کیے جا رہے ہیں اور اس سلسلے میں وزیر اعظم نے اجلاس کی صدارت کی جس میں اہم فیصلے کیے گئے پاکستان حکومت نے کہا کہ ملک میں عوام کے مسائل حل کرنے کے لیے اقدامات کیے جا رہے ہیں اور اس سلسلے میں وزیر اعظم نے اجلاس کی صدارت کی جس میں اہم فیصلے کیے گئے پاکستان حکومت نے کہا کہ ملک میں عوام کے مسائل حل کرنے کے لیے اقدامات کیے جا رہے ہیں اور اس سلسلے میں وزیر اعظم نے اجلاس کی صدارت کی جس میں اہم فیصلے کیے گئے پاکستان حکومت نے کہا کہ ملک میں عوام کے مسائل حل کرنے کے لیے اقدامات کیے جا رہے ہیں اور اس سلسلے میں وزیر اعظم نے اجلاس کی صدارت کی جس میں اہم فیصلے کیے گئے پاکستان حکومت نے کہا کہ ملک میں عوام کے مسائل حل کرنے کے لیے اقدامات کیے جا رہے ہیں اور اس سلسلے میں وزیر اعظم نے اجلاس کی صدارت کی جس میں اہم فیصلے کیے گئے پاکستان حکومت نے کہا کہ ملک میں عوام کے مسائل حل کرنے کے لیے اقدامات کیے جا رہے ہیں اور
32
بقیہ
پاکستان حکومت نے کہا کہ ملک میں عوام کے مسائل حل کرنے کے لیے اقدامات کیے جا رہے ہیں اور اس سلسلے میں وزیر اعظم نے اجلاس کی صدارت کی جس میں اہم فیصلے کیے گئے پاکستان حکومت نے کہا کہ ملک میں عوام کے مسائل حل کرنے کے لیے اقدامات کیے جا رہے ہیں اور اس سلسلے میں وزیر اعظم نے اجلاس کی
33
بقیہ
پاکستان حکومت نے کہا کہ ملک میں عوام کے مسائل حل کرنے کے لیے اقدامات کیے جا رہے ہیں اور اس سلسلے میں وزیر اعظم نے اجلاس کی صدارت کی جس میں اہم فیصلے کیے گئے پاکستان حکومت نے کہا کہ ملک میں عوام کے مسائل حل کرنے کے لیے اقدامات کیے جا رہے ہیں اور اس سلسلے میں وزیر اعظم نے اجلاس کی صدارت کی جس میں اہم فیصلے کیے گئے پاکستان حکومت نے کہا کہ ملک میں عوام کے مسائل حل کرنے کے لیے اقدامات کیے جا رہے ہیں اور اس سلسلے میں وزیر اعظم نے اجلاس کی صدارت کی جس
34
بقیہ
پاکستان حکومت نے کہا کہ ملک
پاکستان حکومت نے کہا کہ ملک میں عوام کے مسائل حل کرنے کے لیے اقدامات کیے جا رہے ہیں اور اس سلسلے میں وزیر اعظم نے اجلاس کی صدارت کی جس میں اہم فیصلے کیے گئے پاکستان حکومت نے کہا کہ ملک میں عوام کے مسائل حل کرنے کے لیے اقدامات کیے جا رہے ہیں اور اس سلسلے میں وزیر اعظم نے اجلاس کی صدارت کی جس میں اہم فیصلے کیے گئے پاکستان حکومت نے کہا کہ ملک میں عوام کے مسائل حل کرنے کے لیے اقدامات کیے جا رہے ہیں اور اس سلسلے میں وزیر اعظم نے اجلاس کی صدارت کی جس میں اہم فیصلے کیے گئے پاکستان حکومت نے کہا کہ ملک میں عوام کے مسائل حل کرنے کے لیے اقدامات کیے جا رہے ہیں اور اس سلسلے میں وزیر اعظم نے اجلاس کی صدارت کی جس میں اہم فیصلے کیے گئے پاکستان حکومت نے کہا کہ ملک میں عوام کے مسائل حل کرنے کے لیے اقدامات کیے
35
بقیہ
پاکستان حکومت نے کہا کہ ملک میں عوام کے مسائل حل کرنے کے لیے اقدامات کیے جا رہے ہیں اور اس سلسلے میں وزیر اعظم نے اجلاس کی صدارت کی جس میں اہم فیصلے کیے گئے پاکستان حکومت نے کہا کہ ملک میں عوام کے مسائل حل کرنے کے لیے اقدامات کیے جا رہے ہیں اور اس سلسلے میں وزیر اعظم نے اجلاس کی صدارت کی جس میں اہم فیصلے کیے گئے پاکستان حکومت نے کہا ک
36
بقیہ
پاکستان حکومت نے کہا کہ ملک میں عوام کے مسائل حل کرنے کے لیے اقدامات کیے جا رہے ہیں اور اس سلسلے میں وزیر اعظم نے اجلاس کی صدارت کی جس میں اہم فیصلے کیے گئے پاکستان حکومت نے کہا کہ ملک میں عوام کے مسائل حل کرنے کے لیے اقدامات کیے جا رہے ہیں اور اس سلسلے میں وزیر اعظم نے اجلاس کی
37
بقیہ
پاکستان حکومت نے کہا کہ ملک میں عوام کے مسائل حل کرنے کے لیے اقدامات کیے جا رہے ہیں اور اس سلسلے میں وزیر اعظم نے اجلاس کی صدارت کی جس میں اہم فیصلے کیے گئے پاکستان حکومت نے کہا کہ ملک میں عوام کے مسائل حل کرنے کے لیے اقدامات کیے جا رہے ہیں اور اس سلسلے میں وزیر اعظم نے اجلاس کی صدارت کی جس میں اہم فیصلے کیے گئے پاکستان حکومت نے کہا کہ ملک میں عوام کے مسائل حل کرنے کے لیے اقدامات کیے جا رہے ہیں اور اس سلسلے میں وزیر اعظم نے اجلاس کی صدارت کی جس میں اہم فیصلے کیے گئے پاکستان حکومت نے کہا کہ ملک میں عوام کے مسائل حل کرنے کے لیے اقدامات کیے جا رہے ہیں اور ا
38
بقیہ
پاکستان حکومت نے کہا کہ ملک میں عوام کے مسائل حل کرنے کے لیے اقدامات کیے جا رہے ہیں اور اس سلسلے میں وزیر اعظم نے اجلاس کی صدارت کی جس میں اہم فیصلے کیے گئے پاکستان حکومت نے کہا کہ ملک میں عوام کے مسائل حل کرنے کے لیے اقدامات کیے جا رہے ہیں اور اس سلسلے میں وزیر اعظم نے اجلاس کی صدارت کی جس میں اہم فیصلے کیے گئے پاکستان حکومت نے کہا کہ ملک میں عوام کے مسائل حل کرنے کے لیے اقدامات کیے جا رہے ہیں اور اس سلسلے میں وزیر اعظم نے اجلاس کی صدارت کی جس میں اہم فیصلے کیے گئے پاکستان حکومت نے کہا کہ ملک میں عوام کے مسائل حل کرنے کے لیے اقدامات کیے جا رہے ہیں اور اس سلسلے میں وزیر اعظم نے اجلاس کی صدارت کی جس میں اہم فیصلے کیے گئے پاکستان حکومت نے کہا کہ ملک میں عوام کے مسائل حل کرنے کے لیے اقدامات کیے جا رہے ہیں اور اس سلسلے میں وزیر اعظم نے اجلاس کی صدارت کی جس میں اہم فیصلے کیے گئے پاکستان حکومت نے کہا کہ ملک میں عوام کے مسائل حل کرنے کے لیے اقدامات کیے جا رہے ہیں اور اس سلسلے میں وزیر اعظم نے اجلاس کی صدارت کی جس میں اہم فیصلے کیے گئے پاکستان حکومت نے کہا کہ ملک میں عوام کے مسائل حل کرنے کے لیے اقدامات کیے جا رہے ہیں اور اس سلسلے میں وزیر اعظم نے اجلاس کی صدارت کی جس میں اہم فیصلے کیے گئے پاکستان حکومت نے کہا کہ ملک میں عوام کے مسائل حل کرنے کے لیے اقدامات کیے جا رہے ہیں اور اس سلسلے میں وزیر اعظم نے اجلاس کی صدارت کی جس میں اہم فیصلے کیے گئے پاکستان حکومت نے کہا کہ ملک میں عوام کے مسائل حل کرنے کے لیے اقدامات کیے جا رہے ہیں اور اس سلسلے میں وزیر اعظم نے اجلاس کی صدارت کی جس میں اہم فیصلے کیے گئے پاکستان حکومت نے کہا کہ ملک میں عوام کے مسائل حل کرنے کے لیے اقدامات کیے جا رہے ہیں اور اس سلسلے میں وزیر اعظم نے اجلاس کی صدارت کی جس میں اہم فیصلے کیے گئے پاکستان حکومت نے کہا کہ ملک میں عوام کے مسائل حل کرنے کے لیے اقدامات کیے جا رہے ہیں اور اس سلسلے میں وزیر اعظم نے اجلاس کی صدارت کی جس میں اہم فیصلے کیے گئے پاکستان حکومت نے کہا کہ ملک میں عوام کے مسائل حل کرنے کے لیے اقدامات کیے جا رہے ہیں اور اس سلسلے میں وزیر اعظم نے اجلاس ک
39
بقیہ
پاکستان حکومت نے کہا کہ ملک میں عوام کے مسائل حل کرنے کے لیے اقدامات کیے جا رہے ہیں اور اس سلسلے میں وزیر اعظم نے اجلاس کی صدارت کی جس میں اہم فیصلے کیے گئے پاکستان حکومت نے کہا کہ ملک میں عوام کے مسائل حل کرنے کے لیے اقدامات کیے جا رہے ہیں اور اس سلسلے میں وزیر اعظم نے اجلاس کی صدارت کی جس میں اہم فیصلے کیے گئے پاکستان حکومت نے کہا کہ ملک میں عوام کے مسائل حل کرنے کے لیے اقدامات کیے جا رہے ہیں اور اس سلسلے میں وزیر اعظم نے اجلاس کی صدارت کی جس میں اہم فیصلے کیے گئے پاکستان حکومت نے کہا کہ ملک میں عوام کے مسائل حل کرنے کے لیے اقدامات کیے جا رہے ہیں اور اس سلسلے
BAQIA PAGE
